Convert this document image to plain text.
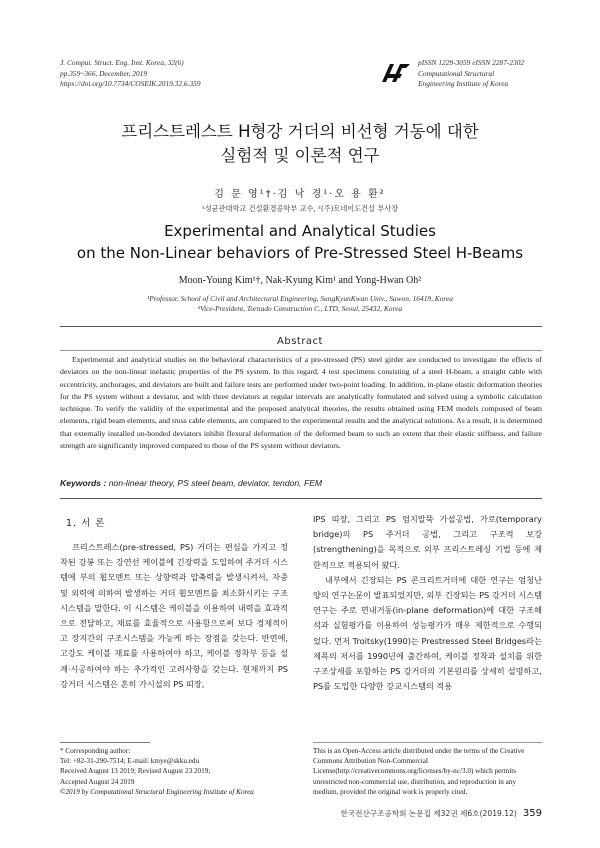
J. Comput. Struct. Eng. Inst. Korea, 32(6)
pp.359~366, December, 2019
https://doi.org/10.7734/COSEIK.2019.32.6.359
pISSN 1229-3059 eISSN 2287-2302
Computational Structural
Engineering Institute of Korea
프리스트레스트 H형강 거더의 비선형 거동에 대한
실험적 및 이론적 연구
김 문 영¹†·김 낙 경¹·오 용 환²
¹성균관대학교 건설환경공학부 교수, ²(주)토네이도건설 부사장
Experimental and Analytical Studies
on the Non-Linear behaviors of Pre-Stressed Steel H-Beams
Moon-Young Kim¹†, Nak-Kyung Kim¹ and Yong-Hwan Oh²
¹Professor, School of Civil and Architectural Engineering, SungKyunKwan Univ., Suwon, 16419, Korea
²Vice-President, Tornado Construction C., LTD, Seoul, 25432, Korea
Abstract
Experimental and analytical studies on the behavioral characteristics of a pre-stressed (PS) steel girder are conducted to investigate the effects of deviators on the non-linear inelastic properties of the PS system. In this regard, 4 test specimens consisting of a steel H-beam, a straight cable with eccentricity, anchorages, and deviators are built and failure tests are performed under two-point loading. In addition, in-plane elastic deformation theories for the PS system without a deviator, and with three deviators at regular intervals are analytically formulated and solved using a symbolic calculation technique. To verify the validity of the experimental and the proposed analytical theories, the results obtained using FEM models composed of beam elements, rigid beam elements, and truss cable elements, are compared to the experimental results and the analytical solutions. As a result, it is determined that externally installed un-bonded deviators inhibit flexural deformation of the deformed beam to such an extent that their elastic stiffness, and failure strength are significantly improved compared to those of the PS system without deviators.
Keywords : non-linear theory, PS steel beam, deviator, tendon, FEM
1. 서 론

프리스트레스(pre-stressed, PS) 거더는 편심을 가지고 정착된 강봉 또는 강연선 케이블에 긴장력을 도입하여 주거더 시스템에 부의 휨모멘트 또는 상향력과 압축력을 발생시켜서, 자중 및 외력에 의하여 발생하는 거더 휨모멘트를 최소화시키는 구조시스템을 말한다. 이 시스템은 케이블을 이용하여 내력을 효과적으로 전달하고, 재료를 효율적으로 사용함으로써 보다 경제적이고 장지간의 구조시스템을 가능케 하는 장점을 갖는다. 반면에, 고강도 케이블 재료를 사용하여야 하고, 케이블 정착부 등을 설계·시공하여야 하는 추가적인 고려사항을 갖는다. 현재까지 PS 강거더 시스템은 흔히 가시설의 PS 띠장,

IPS 띠장, 그리고 PS 엄지말뚝 가설공법, 가로(temporary bridge)의 PS 주거더 공법, 그리고 구조적 보강(strengthening)을 목적으로 외부 프리스트레싱 기법 등에 제한적으로 적용되어 왔다.

내부에서 긴장되는 PS 콘크리트거더에 대한 연구는 엄청난 양의 연구논문이 발표되었지만, 외부 긴장되는 PS 강거더 시스템 연구는 주로 면내거동(in-plane deformation)에 대한 구조해석과 실험평가를 이용하여 성능평가가 매우 제한적으로 수행되었다. 먼저 Troitsky(1990)는 Prestressed Steel Bridges라는 제목의 저서를 1990년에 출간하여, 케이블 정착과 설치를 위한 구조상세를 포함하는 PS 강거더의 기본원리를 상세히 설명하고, PS를 도입한 다양한 강교시스템의 적용

* Corresponding author:
Tel: +82-31-290-7514; E-mail: kmye@skku.edu
Received August 13 2019; Revised August 23 2019;
Accepted August 24 2019
©2019 by Computational Structural Engineering Institute of Korea
This is an Open-Access article distributed under the terms of the Creative Commons Attribution Non-Commercial License(http://creativecommons.org/licenses/by-nc/3.0) which permits unrestricted non-commercial use, distribution, and reproduction in any medium, provided the original work is properly cited.
한국전산구조공학회 논문집 제32권 제6호(2019.12) 359
